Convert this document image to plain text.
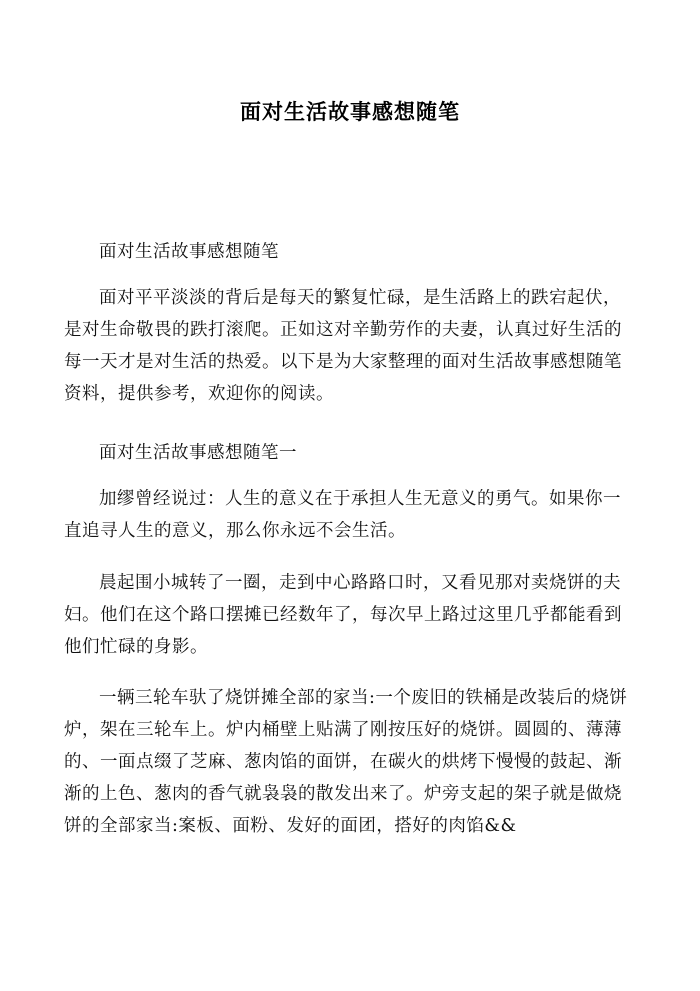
面对生活故事感想随笔

面对生活故事感想随笔

面对平平淡淡的背后是每天的繁复忙碌，是生活路上的跌宕起伏，是对生命敬畏的跌打滚爬。正如这对辛勤劳作的夫妻，认真过好生活的每一天才是对生活的热爱。以下是为大家整理的面对生活故事感想随笔资料，提供参考，欢迎你的阅读。

面对生活故事感想随笔一

加缪曾经说过：人生的意义在于承担人生无意义的勇气。如果你一直追寻人生的意义，那么你永远不会生活。

晨起围小城转了一圈，走到中心路路口时，又看见那对卖烧饼的夫妇。他们在这个路口摆摊已经数年了，每次早上路过这里几乎都能看到他们忙碌的身影。

一辆三轮车驮了烧饼摊全部的家当:一个废旧的铁桶是改装后的烧饼炉，架在三轮车上。炉内桶壁上贴满了刚按压好的烧饼。圆圆的、薄薄的、一面点缀了芝麻、葱肉馅的面饼，在碳火的烘烤下慢慢的鼓起、渐渐的上色、葱肉的香气就袅袅的散发出来了。炉旁支起的架子就是做烧饼的全部家当:案板、面粉、发好的面团，搭好的肉馅&&
